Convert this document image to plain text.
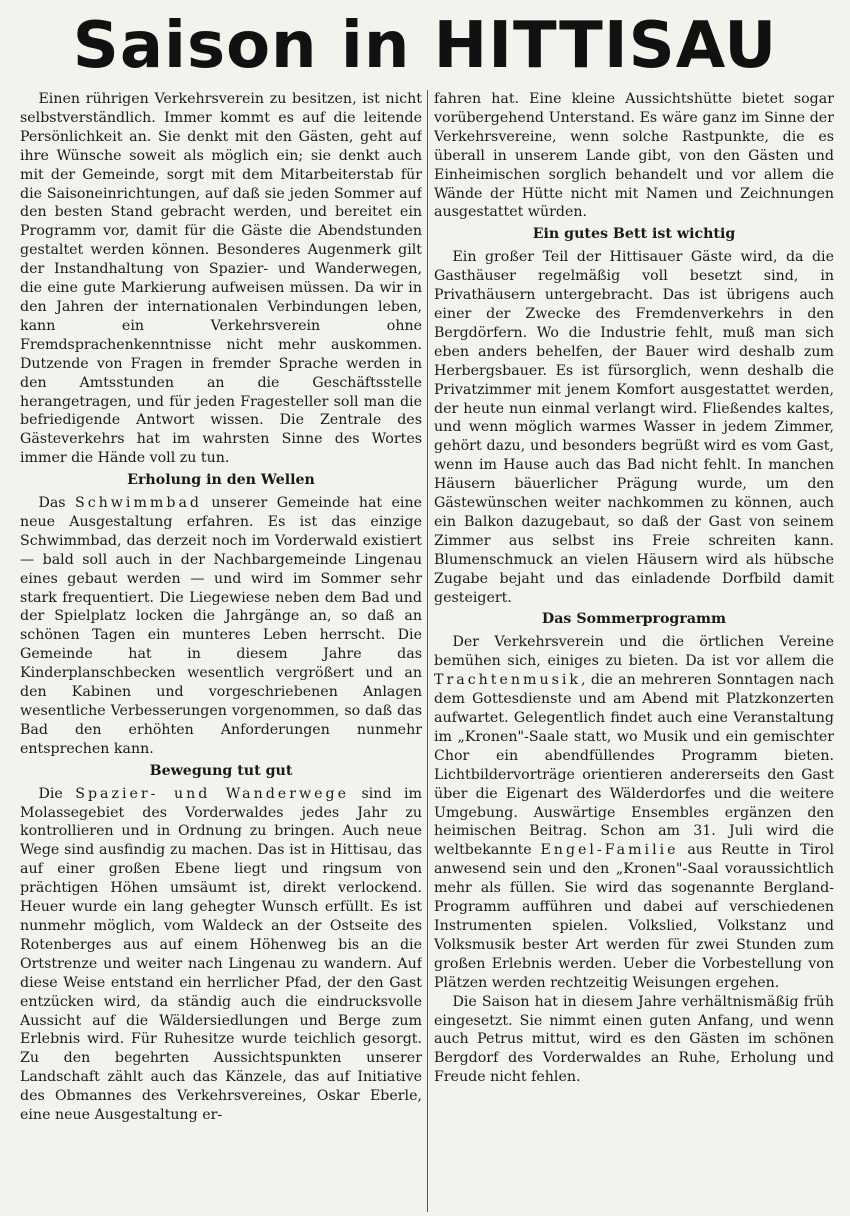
Saison in HITTISAU

Einen rührigen Verkehrsverein zu besitzen, ist nicht selbstverständlich. Immer kommt es auf die leitende Persönlichkeit an. Sie denkt mit den Gästen, geht auf ihre Wünsche soweit als möglich ein; sie denkt auch mit der Gemeinde, sorgt mit dem Mitarbeiterstab für die Saisoneinrichtungen, auf daß sie jeden Sommer auf den besten Stand gebracht werden, und bereitet ein Programm vor, damit für die Gäste die Abendstunden gestaltet werden können. Besonderes Augenmerk gilt der Instandhaltung von Spazier- und Wanderwegen, die eine gute Markierung aufweisen müssen. Da wir in den Jahren der internationalen Verbindungen leben, kann ein Verkehrsverein ohne Fremdsprachenkenntnisse nicht mehr auskommen. Dutzende von Fragen in fremder Sprache werden in den Amtsstunden an die Geschäftsstelle herangetragen, und für jeden Fragesteller soll man die befriedigende Antwort wissen. Die Zentrale des Gästeverkehrs hat im wahrsten Sinne des Wortes immer die Hände voll zu tun.

Erholung in den Wellen

Das Schwimmbad unserer Gemeinde hat eine neue Ausgestaltung erfahren. Es ist das einzige Schwimmbad, das derzeit noch im Vorderwald existiert — bald soll auch in der Nachbargemeinde Lingenau eines gebaut werden — und wird im Sommer sehr stark frequentiert. Die Liegewiese neben dem Bad und der Spielplatz locken die Jahrgänge an, so daß an schönen Tagen ein munteres Leben herrscht. Die Gemeinde hat in diesem Jahre das Kinderplanschbecken wesentlich vergrößert und an den Kabinen und vorgeschriebenen Anlagen wesentliche Verbesserungen vorgenommen, so daß das Bad den erhöhten Anforderungen nunmehr entsprechen kann.

Bewegung tut gut

Die Spazier- und Wanderwege sind im Molassegebiet des Vorderwaldes jedes Jahr zu kontrollieren und in Ordnung zu bringen. Auch neue Wege sind ausfindig zu machen. Das ist in Hittisau, das auf einer großen Ebene liegt und ringsum von prächtigen Höhen umsäumt ist, direkt verlockend. Heuer wurde ein lang gehegter Wunsch erfüllt. Es ist nunmehr möglich, vom Waldeck an der Ostseite des Rotenberges aus auf einem Höhenweg bis an die Ortstrenze und weiter nach Lingenau zu wandern. Auf diese Weise entstand ein herrlicher Pfad, der den Gast entzücken wird, da ständig auch die eindrucksvolle Aussicht auf die Wäldersiedlungen und Berge zum Erlebnis wird. Für Ruhesitze wurde teichlich gesorgt. Zu den begehrten Aussichtspunkten unserer Landschaft zählt auch das Känzele, das auf Initiative des Obmannes des Verkehrsvereines, Oskar Eberle, eine neue Ausgestaltung er-

fahren hat. Eine kleine Aussichtshütte bietet sogar vorübergehend Unterstand. Es wäre ganz im Sinne der Verkehrsvereine, wenn solche Rastpunkte, die es überall in unserem Lande gibt, von den Gästen und Einheimischen sorglich behandelt und vor allem die Wände der Hütte nicht mit Namen und Zeichnungen ausgestattet würden.

Ein gutes Bett ist wichtig

Ein großer Teil der Hittisauer Gäste wird, da die Gasthäuser regelmäßig voll besetzt sind, in Privathäusern untergebracht. Das ist übrigens auch einer der Zwecke des Fremdenverkehrs in den Bergdörfern. Wo die Industrie fehlt, muß man sich eben anders behelfen, der Bauer wird deshalb zum Herbergsbauer. Es ist fürsorglich, wenn deshalb die Privatzimmer mit jenem Komfort ausgestattet werden, der heute nun einmal verlangt wird. Fließendes kaltes, und wenn möglich warmes Wasser in jedem Zimmer, gehört dazu, und besonders begrüßt wird es vom Gast, wenn im Hause auch das Bad nicht fehlt. In manchen Häusern bäuerlicher Prägung wurde, um den Gästewünschen weiter nachkommen zu können, auch ein Balkon dazugebaut, so daß der Gast von seinem Zimmer aus selbst ins Freie schreiten kann. Blumenschmuck an vielen Häusern wird als hübsche Zugabe bejaht und das einladende Dorfbild damit gesteigert.

Das Sommerprogramm

Der Verkehrsverein und die örtlichen Vereine bemühen sich, einiges zu bieten. Da ist vor allem die Trachtenmusik, die an mehreren Sonntagen nach dem Gottesdienste und am Abend mit Platzkonzerten aufwartet. Gelegentlich findet auch eine Veranstaltung im „Kronen"-Saale statt, wo Musik und ein gemischter Chor ein abendfüllendes Programm bieten. Lichtbildervorträge orientieren andererseits den Gast über die Eigenart des Wälderdorfes und die weitere Umgebung. Auswärtige Ensembles ergänzen den heimischen Beitrag. Schon am 31. Juli wird die weltbekannte Engel-Familie aus Reutte in Tirol anwesend sein und den „Kronen"-Saal voraussichtlich mehr als füllen. Sie wird das sogenannte Bergland-Programm aufführen und dabei auf verschiedenen Instrumenten spielen. Volkslied, Volkstanz und Volksmusik bester Art werden für zwei Stunden zum großen Erlebnis werden. Ueber die Vorbestellung von Plätzen werden rechtzeitig Weisungen ergehen.

Die Saison hat in diesem Jahre verhältnismäßig früh eingesetzt. Sie nimmt einen guten Anfang, und wenn auch Petrus mittut, wird es den Gästen im schönen Bergdorf des Vorderwaldes an Ruhe, Erholung und Freude nicht fehlen.
